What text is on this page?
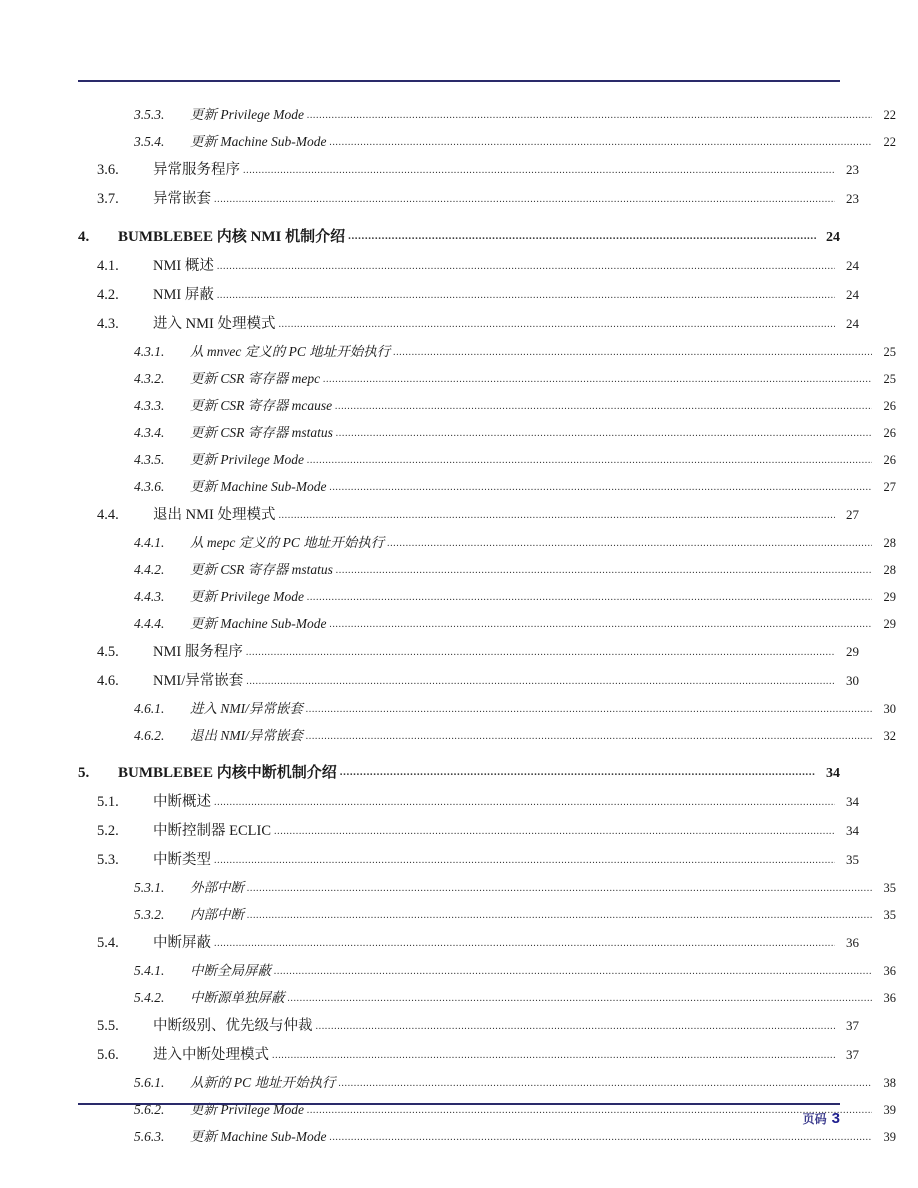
3.5.3.	更新 Privilege Mode .....	22
3.5.4.	更新 Machine Sub-Mode .....	22
3.6.	异常服务程序 .....	23
3.7.	异常嵌套 .....	23
4.	BUMBLEBEE 内核 NMI 机制介绍 .....	24
4.1.	NMI 概述 .....	24
4.2.	NMI 屏蔽 .....	24
4.3.	进入 NMI 处理模式 .....	24
4.3.1.	从 mnvec 定义的 PC 地址开始执行 .....	25
4.3.2.	更新 CSR 寄存器 mepc .....	25
4.3.3.	更新 CSR 寄存器 mcause .....	26
4.3.4.	更新 CSR 寄存器 mstatus .....	26
4.3.5.	更新 Privilege Mode .....	26
4.3.6.	更新 Machine Sub-Mode .....	27
4.4.	退出 NMI 处理模式 .....	27
4.4.1.	从 mepc 定义的 PC 地址开始执行 .....	28
4.4.2.	更新 CSR 寄存器 mstatus .....	28
4.4.3.	更新 Privilege Mode .....	29
4.4.4.	更新 Machine Sub-Mode .....	29
4.5.	NMI 服务程序 .....	29
4.6.	NMI/异常嵌套 .....	30
4.6.1.	进入 NMI/异常嵌套 .....	30
4.6.2.	退出 NMI/异常嵌套 .....	32
5.	BUMBLEBEE 内核中断机制介绍 .....	34
5.1.	中断概述 .....	34
5.2.	中断控制器 ECLIC .....	34
5.3.	中断类型 .....	35
5.3.1.	外部中断 .....	35
5.3.2.	内部中断 .....	35
5.4.	中断屏蔽 .....	36
5.4.1.	中断全局屏蔽 .....	36
5.4.2.	中断源单独屏蔽 .....	36
5.5.	中断级别、优先级与仲裁 .....	37
5.6.	进入中断处理模式 .....	37
5.6.1.	从新的 PC 地址开始执行 .....	38
5.6.2.	更新 Privilege Mode .....	39
5.6.3.	更新 Machine Sub-Mode .....	39
页码 3
